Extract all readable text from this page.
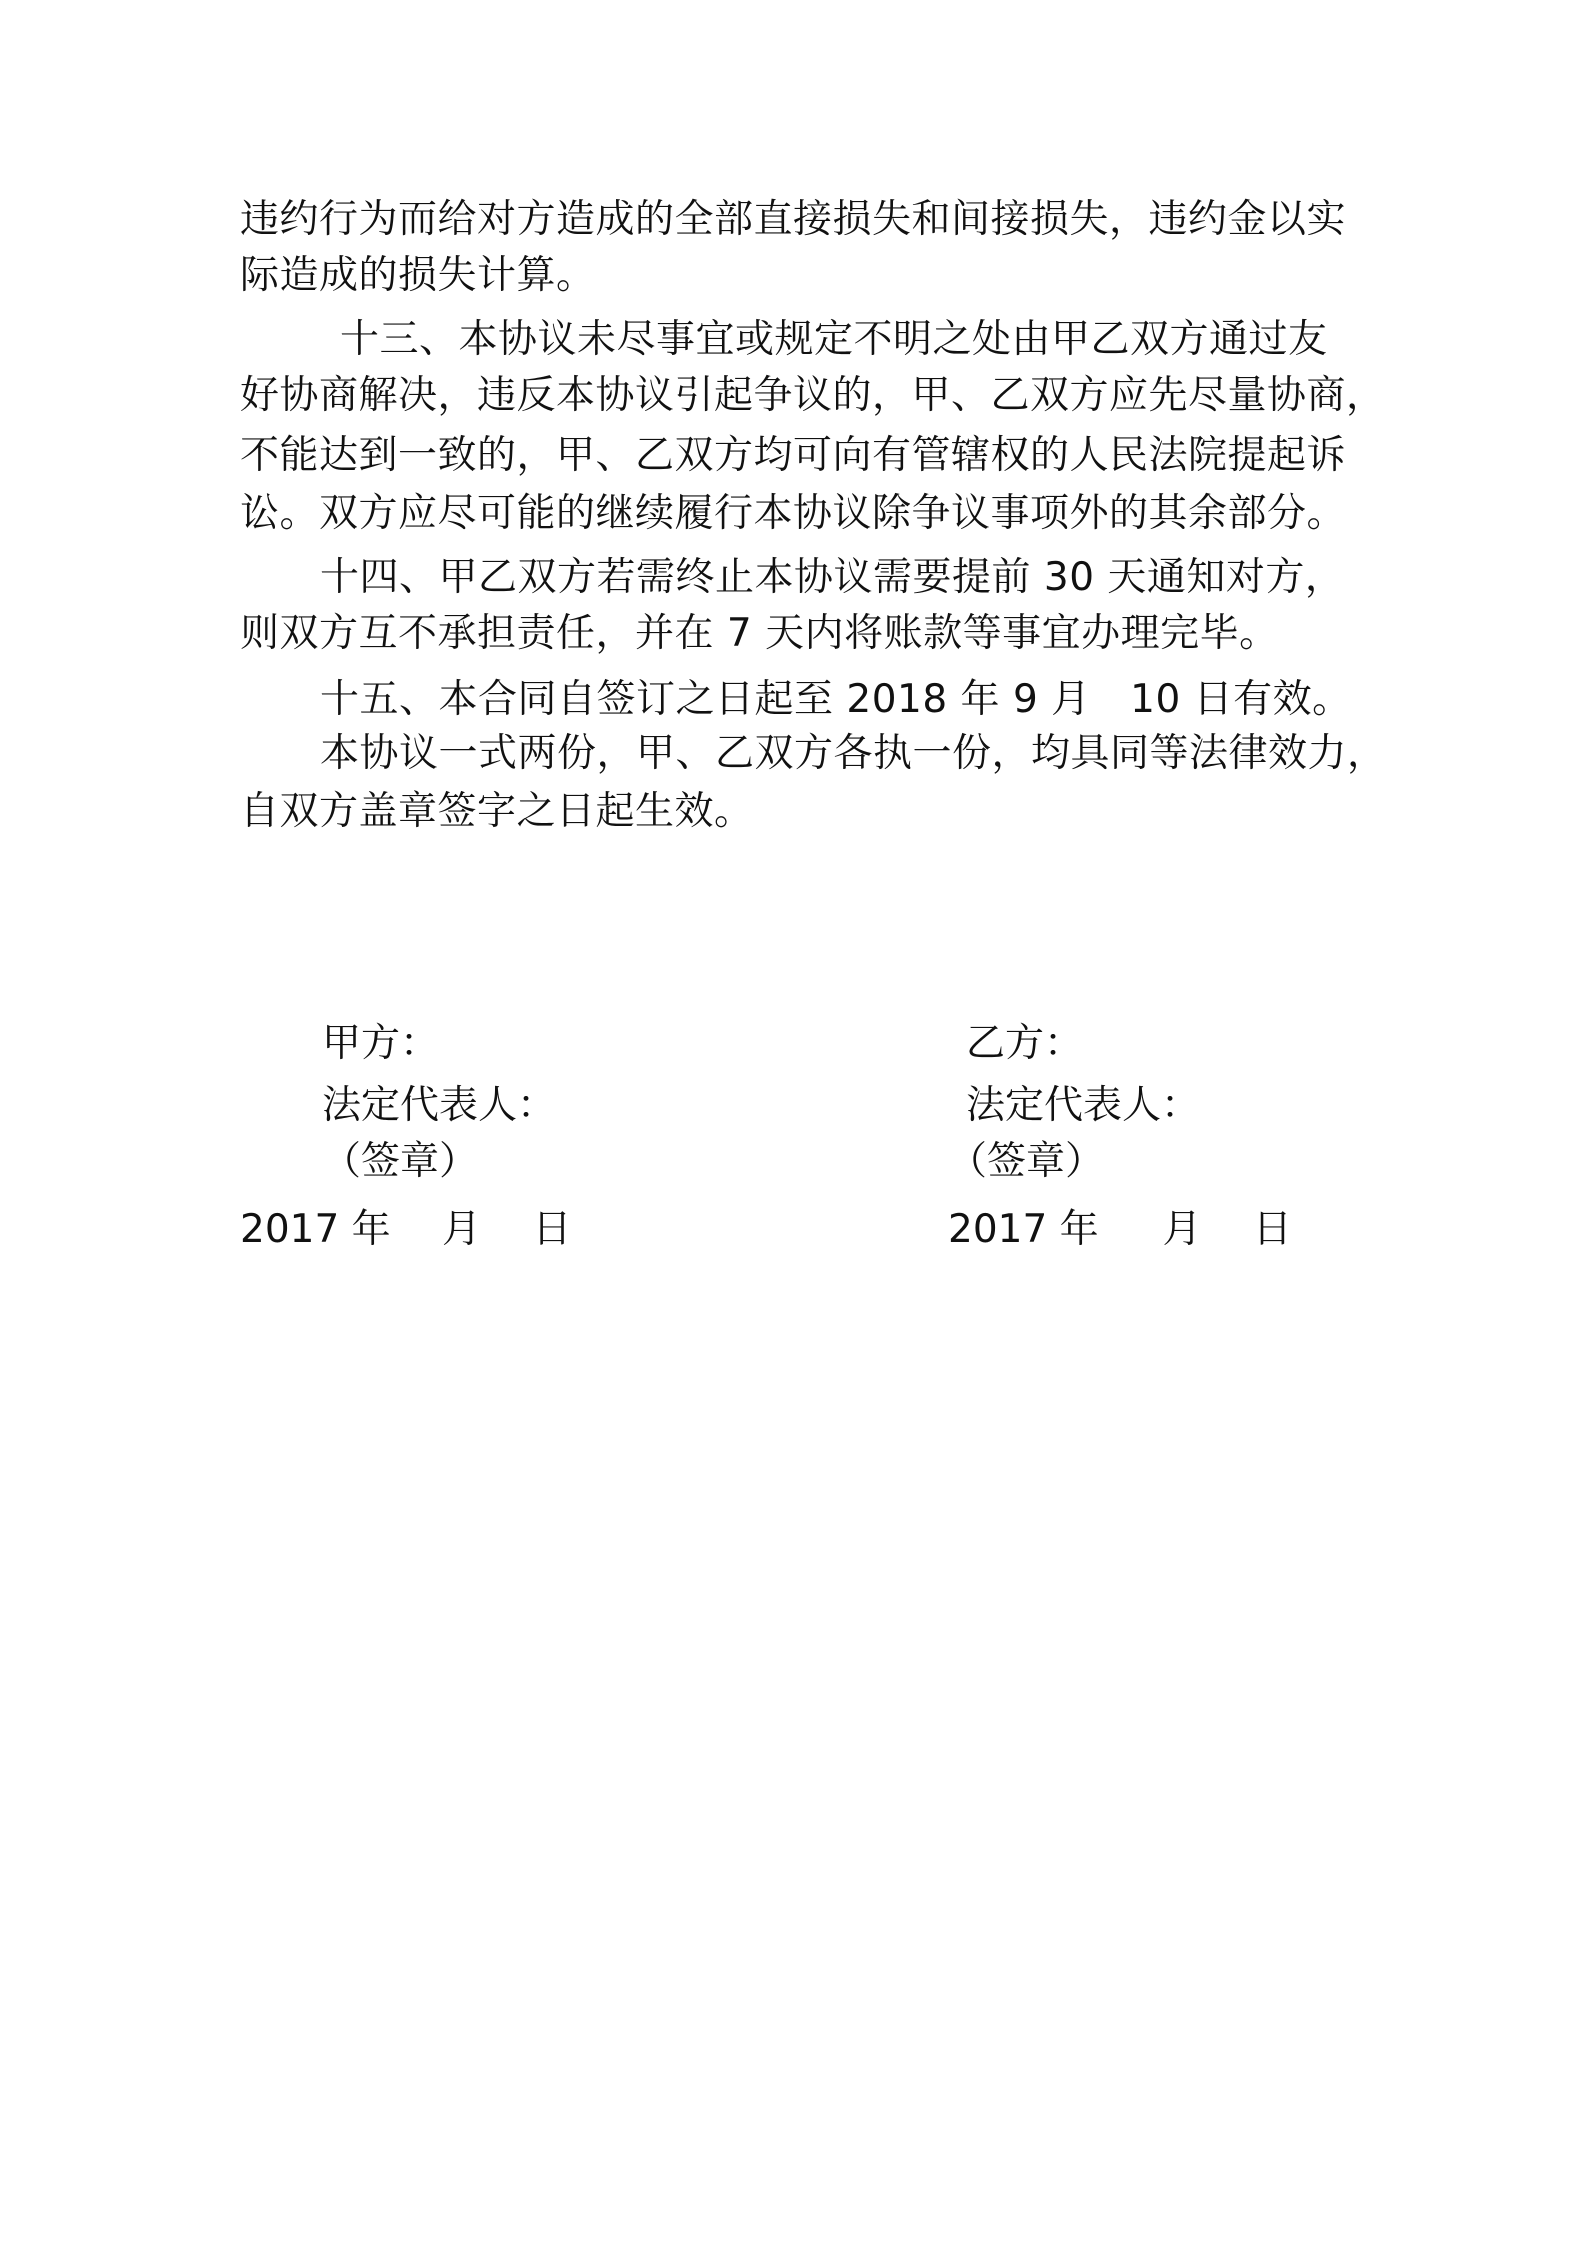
违约行为而给对方造成的全部直接损失和间接损失，违约金以实
际造成的损失计算。
十三、本协议未尽事宜或规定不明之处由甲乙双方通过友
好协商解决，违反本协议引起争议的，甲、乙双方应先尽量协商，
不能达到一致的，甲、乙双方均可向有管辖权的人民法院提起诉
讼。双方应尽可能的继续履行本协议除争议事项外的其余部分。
十四、甲乙双方若需终止本协议需要提前 30 天通知对方，
则双方互不承担责任，并在 7 天内将账款等事宜办理完毕。
十五、本合同自签订之日起至 2018 年 9 月　10 日有效。
本协议一式两份，甲、乙双方各执一份，均具同等法律效力，
自双方盖章签字之日起生效。
甲方：
法定代表人：
（签章）
2017 年　 月　 日
乙方：
法定代表人：
（签章）
2017 年 　 月　 日
